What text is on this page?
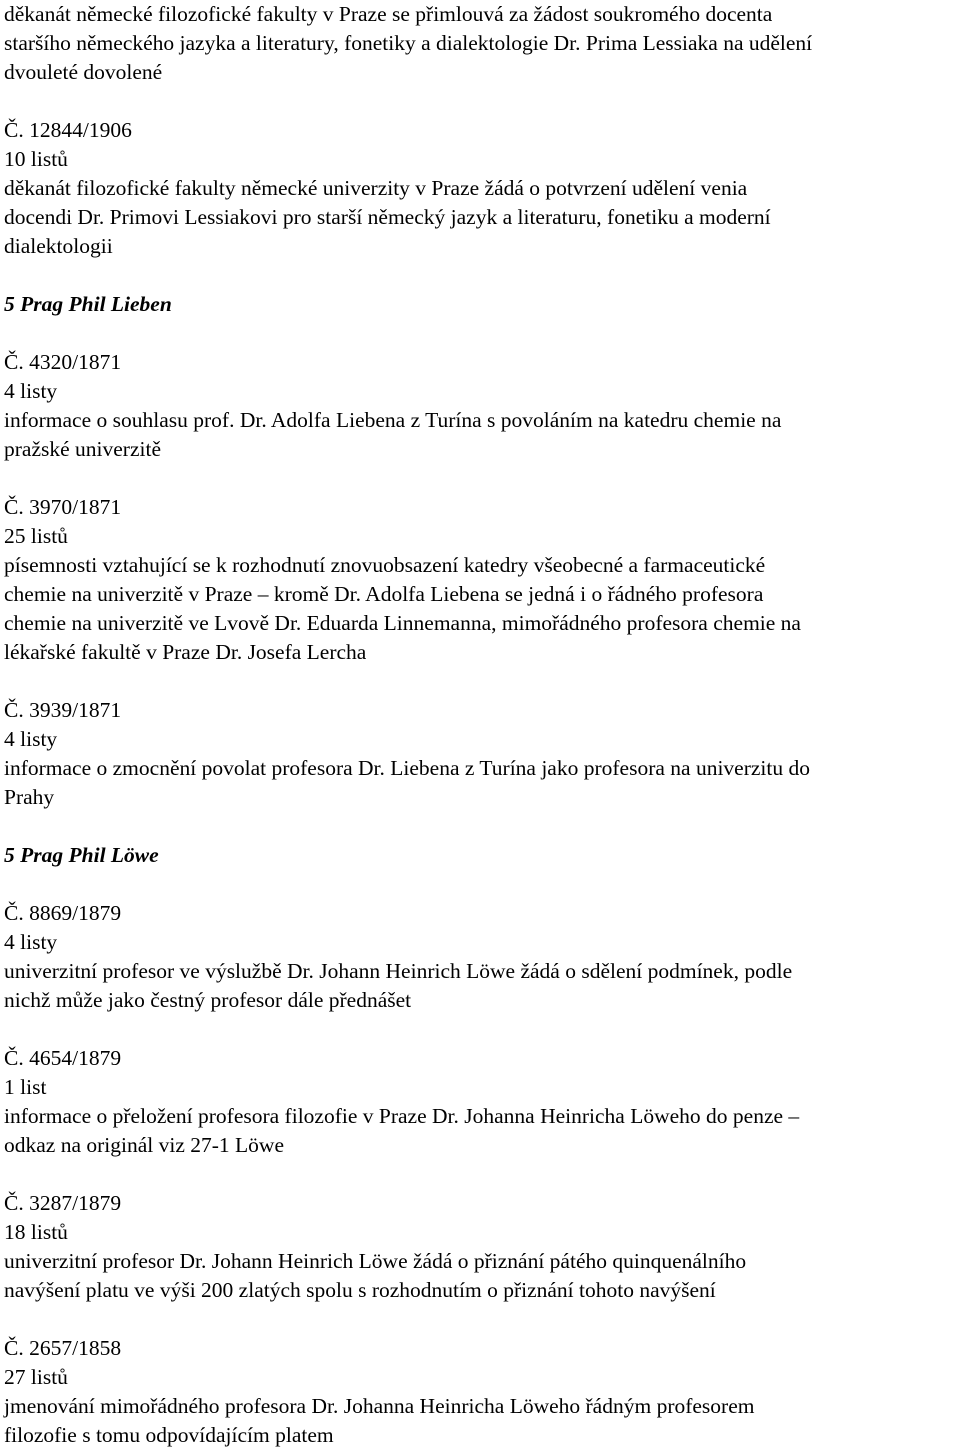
děkanát německé filozofické fakulty v Praze se přimlouvá za žádost soukromého docenta

staršího německého jazyka a literatury, fonetiky a dialektologie Dr. Prima Lessiaka na udělení

dvouleté dovolené

Č. 12844/1906

10 listů

děkanát filozofické fakulty německé univerzity v Praze žádá o potvrzení udělení venia

docendi Dr. Primovi Lessiakovi pro starší německý jazyk a literaturu, fonetiku a moderní

dialektologii

5 Prag Phil Lieben

Č. 4320/1871

4 listy

informace o souhlasu prof. Dr. Adolfa Liebena z Turína s povoláním na katedru chemie na

pražské univerzitě

Č. 3970/1871

25 listů

písemnosti vztahující se k rozhodnutí znovuobsazení katedry všeobecné a farmaceutické

chemie na univerzitě v Praze – kromě Dr. Adolfa Liebena se jedná i o řádného profesora

chemie na univerzitě ve Lvově Dr. Eduarda Linnemanna, mimořádného profesora chemie na

lékařské fakultě v Praze Dr. Josefa Lercha

Č. 3939/1871

4 listy

informace o zmocnění povolat profesora Dr. Liebena z Turína jako profesora na univerzitu do

Prahy

5 Prag Phil Löwe

Č. 8869/1879

4 listy

univerzitní profesor ve výslužbě Dr. Johann Heinrich Löwe žádá o sdělení podmínek, podle

nichž může jako čestný profesor dále přednášet

Č. 4654/1879

1 list

informace o přeložení profesora filozofie v Praze Dr. Johanna Heinricha Löweho do penze –

odkaz na originál viz 27-1 Löwe

Č. 3287/1879

18 listů

univerzitní profesor Dr. Johann Heinrich Löwe žádá o přiznání pátého quinquenálního

navýšení platu ve výši 200 zlatých spolu s rozhodnutím o přiznání tohoto navýšení

Č. 2657/1858

27 listů

jmenování mimořádného profesora Dr. Johanna Heinricha Löweho řádným profesorem

filozofie s tomu odpovídajícím platem
